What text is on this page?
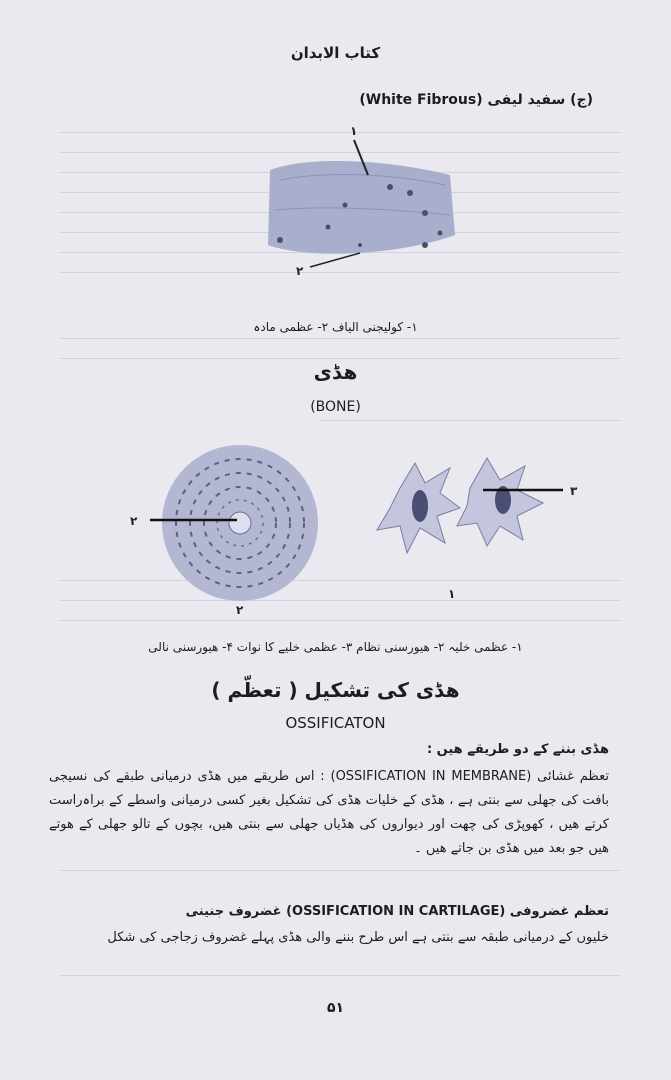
کتاب الابدان
(ج) سفید لیفی (White Fibrous)
۱
۲
۱- کولیجنی الیاف ۲- عظمی مادہ
ھڈی
(BONE)
۲
۲
۳
۱
۱- عظمی خلیہ ۲- ھیورسنی نظام ۳- عظمی خلیے کا نوات ۴- ھیورسنی نالی
ھڈی کی تشکیل ( تعظّم )
OSSIFICATON
ھڈی بننے کے دو طریقے ھیں :
تعظم غشائی (OSSIFICATION IN MEMBRANE) : اس طریقے میں ھڈی درمیانی طبقے کی نسیجی بافت کی جھلی سے بنتی ہے ، ھڈی کے خلیات ھڈی کی تشکیل بغیر کسی درمیانی واسطے کے براہ‌راست کرتے ھیں ، کھوپڑی کی چھت اور دیواروں کی ھڈیاں جھلی سے بنتی ھیں، بچوں کے تالو جھلی کے ھوتے ھیں جو بعد میں ھڈی بن جاتے ھیں ۔
تعظم غضروفی (OSSIFICATION IN CARTILAGE) غضروف جنینی
خلیوں کے درمیانی طبقہ سے بنتی ہے اس طرح بننے والی ھڈی پہلے غضروف زجاجی کی شکل
۵۱
